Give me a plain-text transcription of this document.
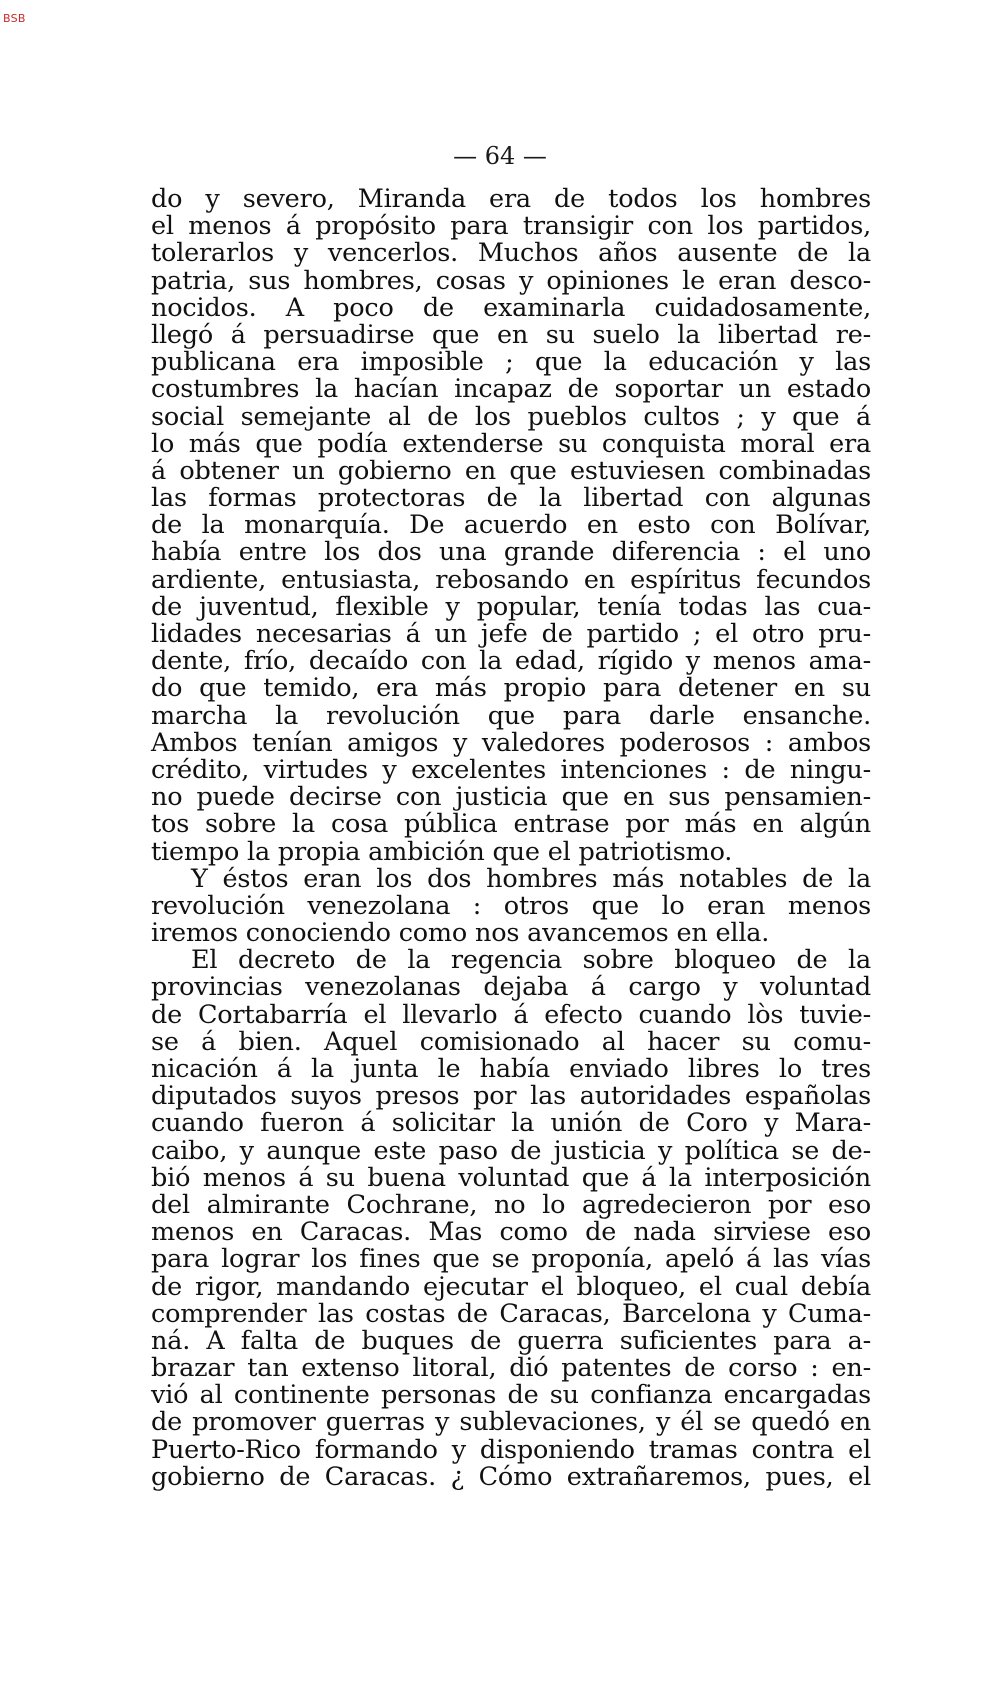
BSB
— 64 —
do y severo, Miranda era de todos los hombres
el menos á propósito para transigir con los partidos,
tolerarlos y vencerlos. Muchos años ausente de la
patria, sus hombres, cosas y opiniones le eran desco-
nocidos. A poco de examinarla cuidadosamente,
llegó á persuadirse que en su suelo la libertad re-
publicana era imposible ; que la educación y las
costumbres la hacían incapaz de soportar un estado
social semejante al de los pueblos cultos ; y que á
lo más que podía extenderse su conquista moral era
á obtener un gobierno en que estuviesen combinadas
las formas protectoras de la libertad con algunas
de la monarquía. De acuerdo en esto con Bolívar,
había entre los dos una grande diferencia : el uno
ardiente, entusiasta, rebosando en espíritus fecundos
de juventud, flexible y popular, tenía todas las cua-
lidades necesarias á un jefe de partido ; el otro pru-
dente, frío, decaído con la edad, rígido y menos ama-
do que temido, era más propio para detener en su
marcha la revolución que para darle ensanche.
Ambos tenían amigos y valedores poderosos : ambos
crédito, virtudes y excelentes intenciones : de ningu-
no puede decirse con justicia que en sus pensamien-
tos sobre la cosa pública entrase por más en algún
tiempo la propia ambición que el patriotismo.
Y éstos eran los dos hombres más notables de la
revolución venezolana : otros que lo eran menos
iremos conociendo como nos avancemos en ella.
El decreto de la regencia sobre bloqueo de la
provincias venezolanas dejaba á cargo y voluntad
de Cortabarría el llevarlo á efecto cuando lòs tuvie-
se á bien. Aquel comisionado al hacer su comu-
nicación á la junta le había enviado libres lo tres
diputados suyos presos por las autoridades españolas
cuando fueron á solicitar la unión de Coro y Mara-
caibo, y aunque este paso de justicia y política se de-
bió menos á su buena voluntad que á la interposición
del almirante Cochrane, no lo agredecieron por eso
menos en Caracas. Mas como de nada sirviese eso
para lograr los fines que se proponía, apeló á las vías
de rigor, mandando ejecutar el bloqueo, el cual debía
comprender las costas de Caracas, Barcelona y Cuma-
ná. A falta de buques de guerra suficientes para a-
brazar tan extenso litoral, dió patentes de corso : en-
vió al continente personas de su confianza encargadas
de promover guerras y sublevaciones, y él se quedó en
Puerto-Rico formando y disponiendo tramas contra el
gobierno de Caracas. ¿ Cómo extrañaremos, pues, el
